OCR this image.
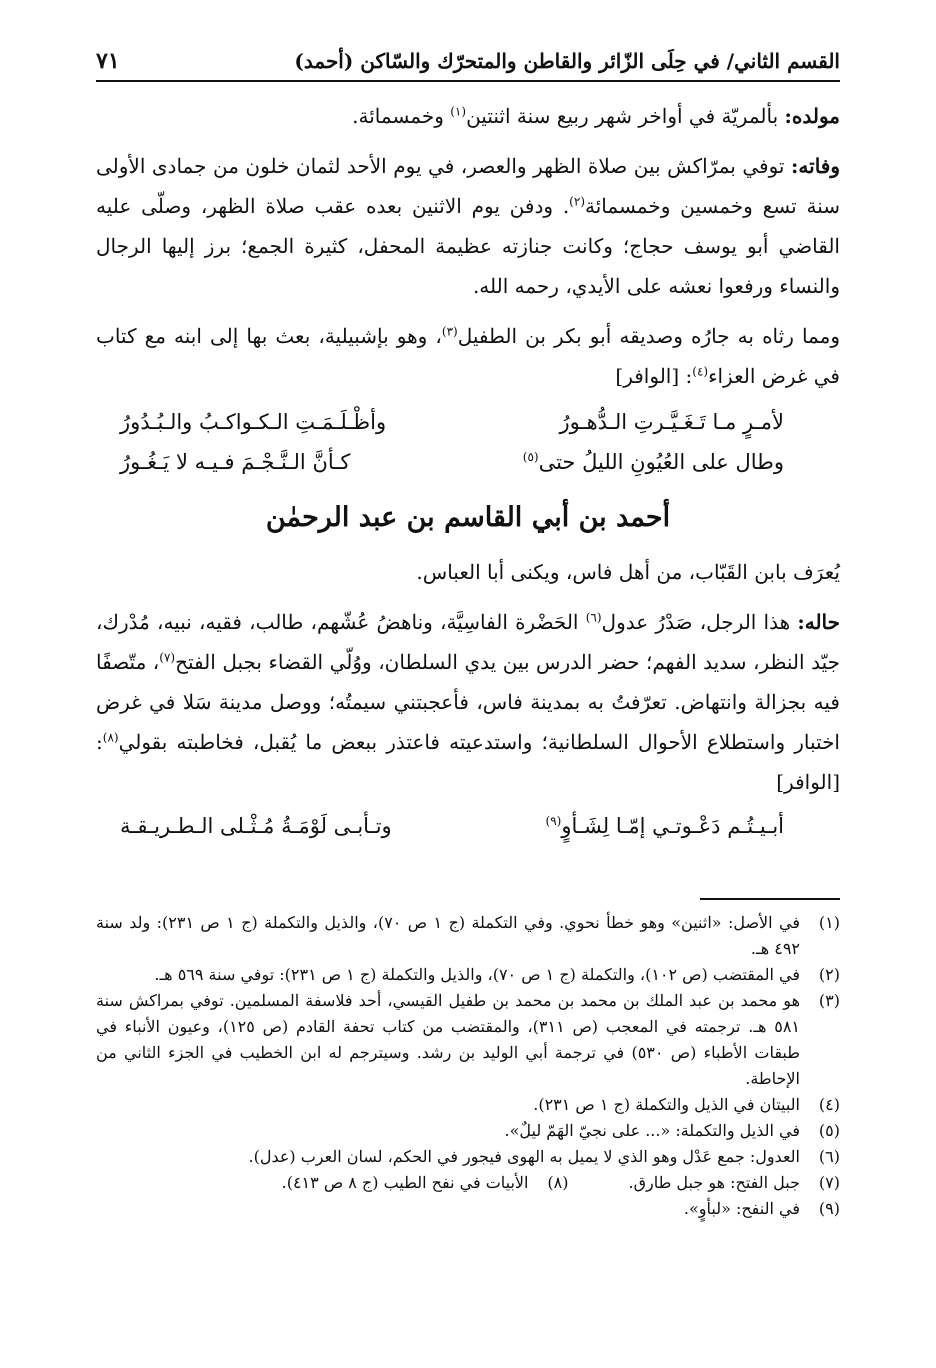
القسم الثاني/ في حِلَى الزّائر والقاطن والمتحرّك والسّاكن (أحمد)
٧١

مولده: بألمريّة في أواخر شهر ربيع سنة اثنتين$^{(١)}$ وخمسمائة.

وفاته: توفي بمرّاكش بين صلاة الظهر والعصر، في يوم الأحد لثمان خلون من جمادى الأولى سنة تسع وخمسين وخمسمائة$^{(٢)}$. ودفن يوم الاثنين بعده عقب صلاة الظهر، وصلّى عليه القاضي أبو يوسف حجاج؛ وكانت جنازته عظيمة المحفل، كثيرة الجمع؛ برز إليها الرجال والنساء ورفعوا نعشه على الأيدي، رحمه الله.

ومما رثاه به جارُه وصديقه أبو بكر بن الطفيل$^{(٣)}$، وهو بإشبيلية، بعث بها إلى ابنه مع كتاب في غرض العزاء$^{(٤)}$: [الوافر]

لأمـرٍ مـا تَـغَـيَّـرتِ الـدُّهـورُ
وأظْـلَـمَـتِ الـكـواكـبُ والـبُـدُورُ
وطال على العُيُونِ الليلُ حتى$^{(٥)}$
كـأنَّ الـنَّـجْـمَ فـيـه لا يَـغُـورُ
أحمد بن أبي القاسم بن عبد الرحمٰن

يُعرَف بابن القَبّاب، من أهل فاس، ويكنى أبا العباس.

حاله: هذا الرجل، صَدْرُ عدول$^{(٦)}$ الحَضْرة الفاسِيَّة، وناهضُ عُشّهم، طالب، فقيه، نبيه، مُدْرك، جيّد النظر، سديد الفهم؛ حضر الدرس بين يدي السلطان، ووُلّي القضاء بجبل الفتح$^{(٧)}$، متّصفًا فيه بجزالة وانتهاض. تعرّفتُ به بمدينة فاس، فأعجبتني سيمتُه؛ ووصل مدينة سَلا في غرض اختبار واستطلاع الأحوال السلطانية؛ واستدعيته فاعتذر ببعض ما يُقبل، فخاطبته بقولي$^{(٨)}$: [الوافر]

أبـيـتُـم دَعْـوتـي إمّـا لِشَـأوٍ$^{(٩)}$
وتـأبـى لَوْمَـةُ مُـثْـلى الـطـريـقـة
(١)
في الأصل: «اثنين» وهو خطأ نحوي. وفي التكملة (ج ١ ص ٧٠)، والذيل والتكملة (ج ١ ص ٢٣١): ولد سنة ٤٩٢ هـ.
(٢)
في المقتضب (ص ١٠٢)، والتكملة (ج ١ ص ٧٠)، والذيل والتكملة (ج ١ ص ٢٣١): توفي سنة ٥٦٩ هـ.
(٣)
هو محمد بن عبد الملك بن محمد بن محمد بن طفيل القيسي، أحد فلاسفة المسلمين. توفي بمراكش سنة ٥٨١ هـ. ترجمته في المعجب (ص ٣١١)، والمقتضب من كتاب تحفة القادم (ص ١٢٥)، وعيون الأنباء في طبقات الأطباء (ص ٥٣٠) في ترجمة أبي الوليد بن رشد. وسيترجم له ابن الخطيب في الجزء الثاني من الإحاطة.
(٤)
البيتان في الذيل والتكملة (ج ١ ص ٢٣١).
(٥)
في الذيل والتكملة: «... على نجيّ الهَمّ ليلٌ».
(٦)
العدول: جمع عَدْل وهو الذي لا يميل به الهوى فيجور في الحكم، لسان العرب (عدل).
(٧)
جبل الفتح: هو جبل طارق.
(٨)
الأبيات في نفح الطيب (ج ٨ ص ٤١٣).
(٩)
في النفح: «لبأوٍ».
